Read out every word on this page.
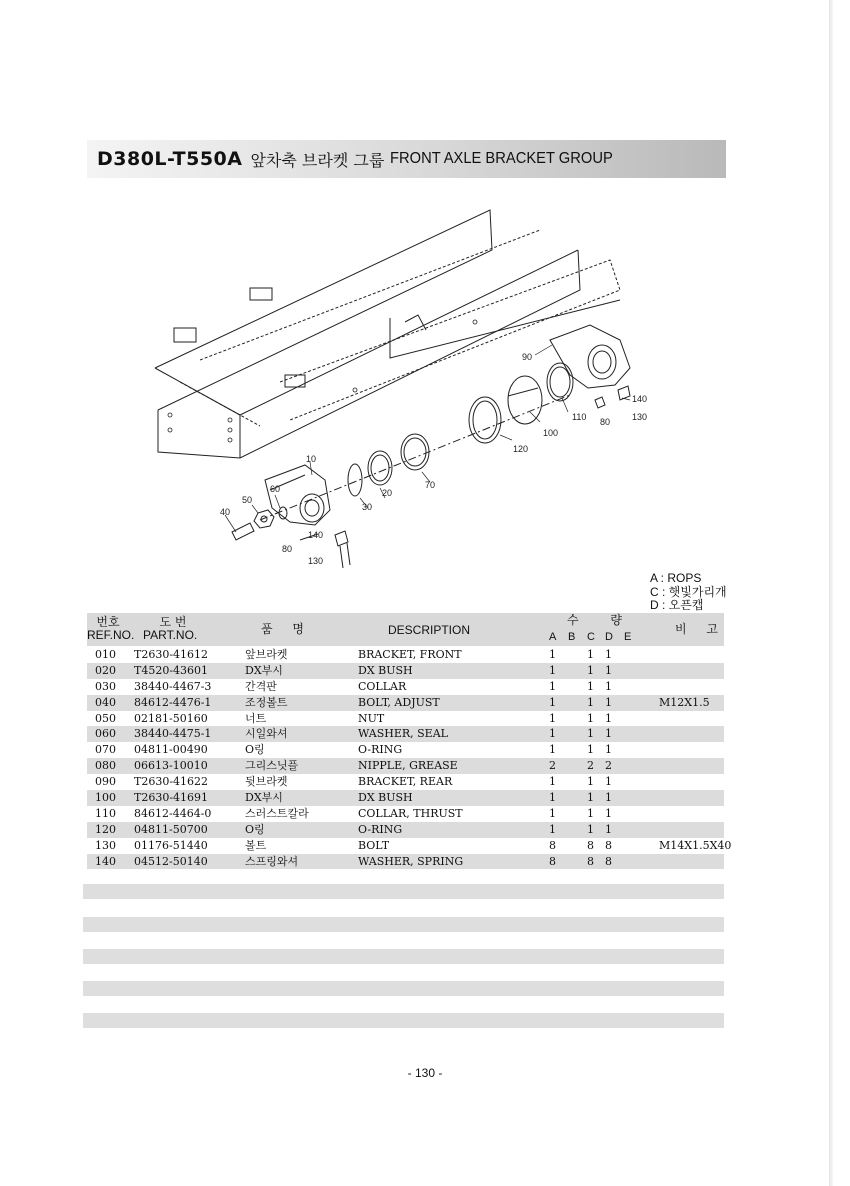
D380L-T550A 앞차축 브라켓 그룹 FRONT AXLE BRACKET GROUP
10
20
30
40
50
60	70
80
90
100
110
120
130
140
140
130
80
A : ROPS
C : 햇빛가리개
D : 오픈캡
번호
REF.NO.
도 번
PART.NO.	품 명	DESCRIPTION
수 량
A B C D E
비 고
010 T2630-41612	앞브라켓	BRACKET, FRONT	1	1 1
020 T4520-43601	DX부시	DX BUSH	1	1 1
030 38440-4467-3	간격판	COLLAR	1	1 1
040 84612-4476-1	조정볼트	BOLT, ADJUST	1	1 1	M12X1.5
050 02181-50160	너트	NUT	1	1 1
060 38440-4475-1	시일와셔	WASHER, SEAL	1	1 1
070 04811-00490	O링	O-RING	1	1 1
080 06613-10010	그리스닛플	NIPPLE, GREASE	2	2 2
090 T2630-41622	뒷브라켓	BRACKET, REAR	1	1 1
100 T2630-41691	DX부시	DX BUSH	1	1 1
110 84612-4464-0	스러스트칼라	COLLAR, THRUST	1	1 1
120 04811-50700	O링	O-RING	1	1 1
130 01176-51440	볼트	BOLT	8	8 8	M14X1.5X40
140 04512-50140	스프링와셔	WASHER, SPRING	8	8 8
- 130 -
